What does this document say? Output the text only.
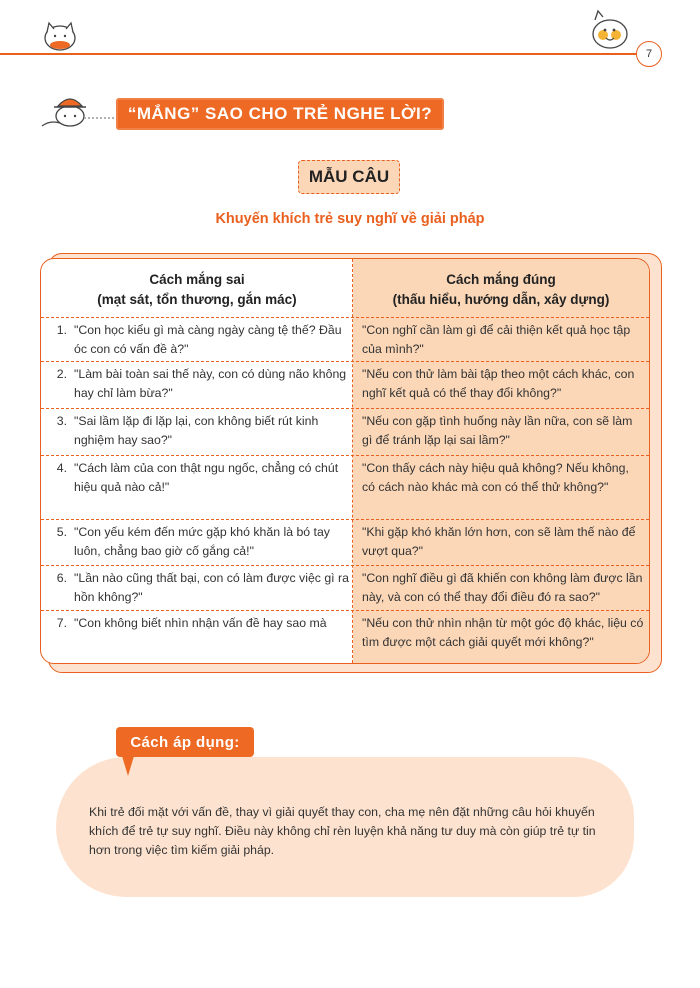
7
“MẮNG” SAO CHO TRẺ NGHE LỜI?
MẪU CÂU
Khuyến khích trẻ suy nghĩ về giải pháp
Cách mắng sai
(mạt sát, tổn thương, gắn mác)
Cách mắng đúng
(thấu hiểu, hướng dẫn, xây dựng)
1. "Con học kiểu gì mà càng ngày càng tệ thế? Đầu óc con có vấn đề à?"
"Con nghĩ cần làm gì để cải thiện kết quả học tập của mình?"
2. "Làm bài toàn sai thế này, con có dùng não không hay chỉ làm bừa?"
"Nếu con thử làm bài tập theo một cách khác, con nghĩ kết quả có thể thay đổi không?"
3. "Sai lầm lặp đi lặp lại, con không biết rút kinh nghiệm hay sao?"
"Nếu con gặp tình huống này lần nữa, con sẽ làm gì để tránh lặp lại sai lầm?"
4. "Cách làm của con thật ngu ngốc, chẳng có chút hiệu quả nào cả!"
"Con thấy cách này hiệu quả không? Nếu không, có cách nào khác mà con có thể thử không?"
5. "Con yếu kém đến mức gặp khó khăn là bó tay luôn, chẳng bao giờ cố gắng cả!"
"Khi gặp khó khăn lớn hơn, con sẽ làm thế nào để vượt qua?"
6. "Lần nào cũng thất bại, con có làm được việc gì ra hồn không?"
"Con nghĩ điều gì đã khiến con không làm được lần này, và con có thể thay đổi điều đó ra sao?"
7. "Con không biết nhìn nhận vấn đề hay sao mà	"Nếu con thử nhìn nhận từ một góc độ khác, liệu có tìm được một cách giải quyết mới không?"
Cách áp dụng:
Khi trẻ đối mặt với vấn đề, thay vì giải quyết thay con, cha mẹ nên đặt những câu hỏi khuyến khích để trẻ tự suy nghĩ. Điều này không chỉ rèn luyện khả năng tư duy mà còn giúp trẻ tự tin hơn trong việc tìm kiếm giải pháp.
